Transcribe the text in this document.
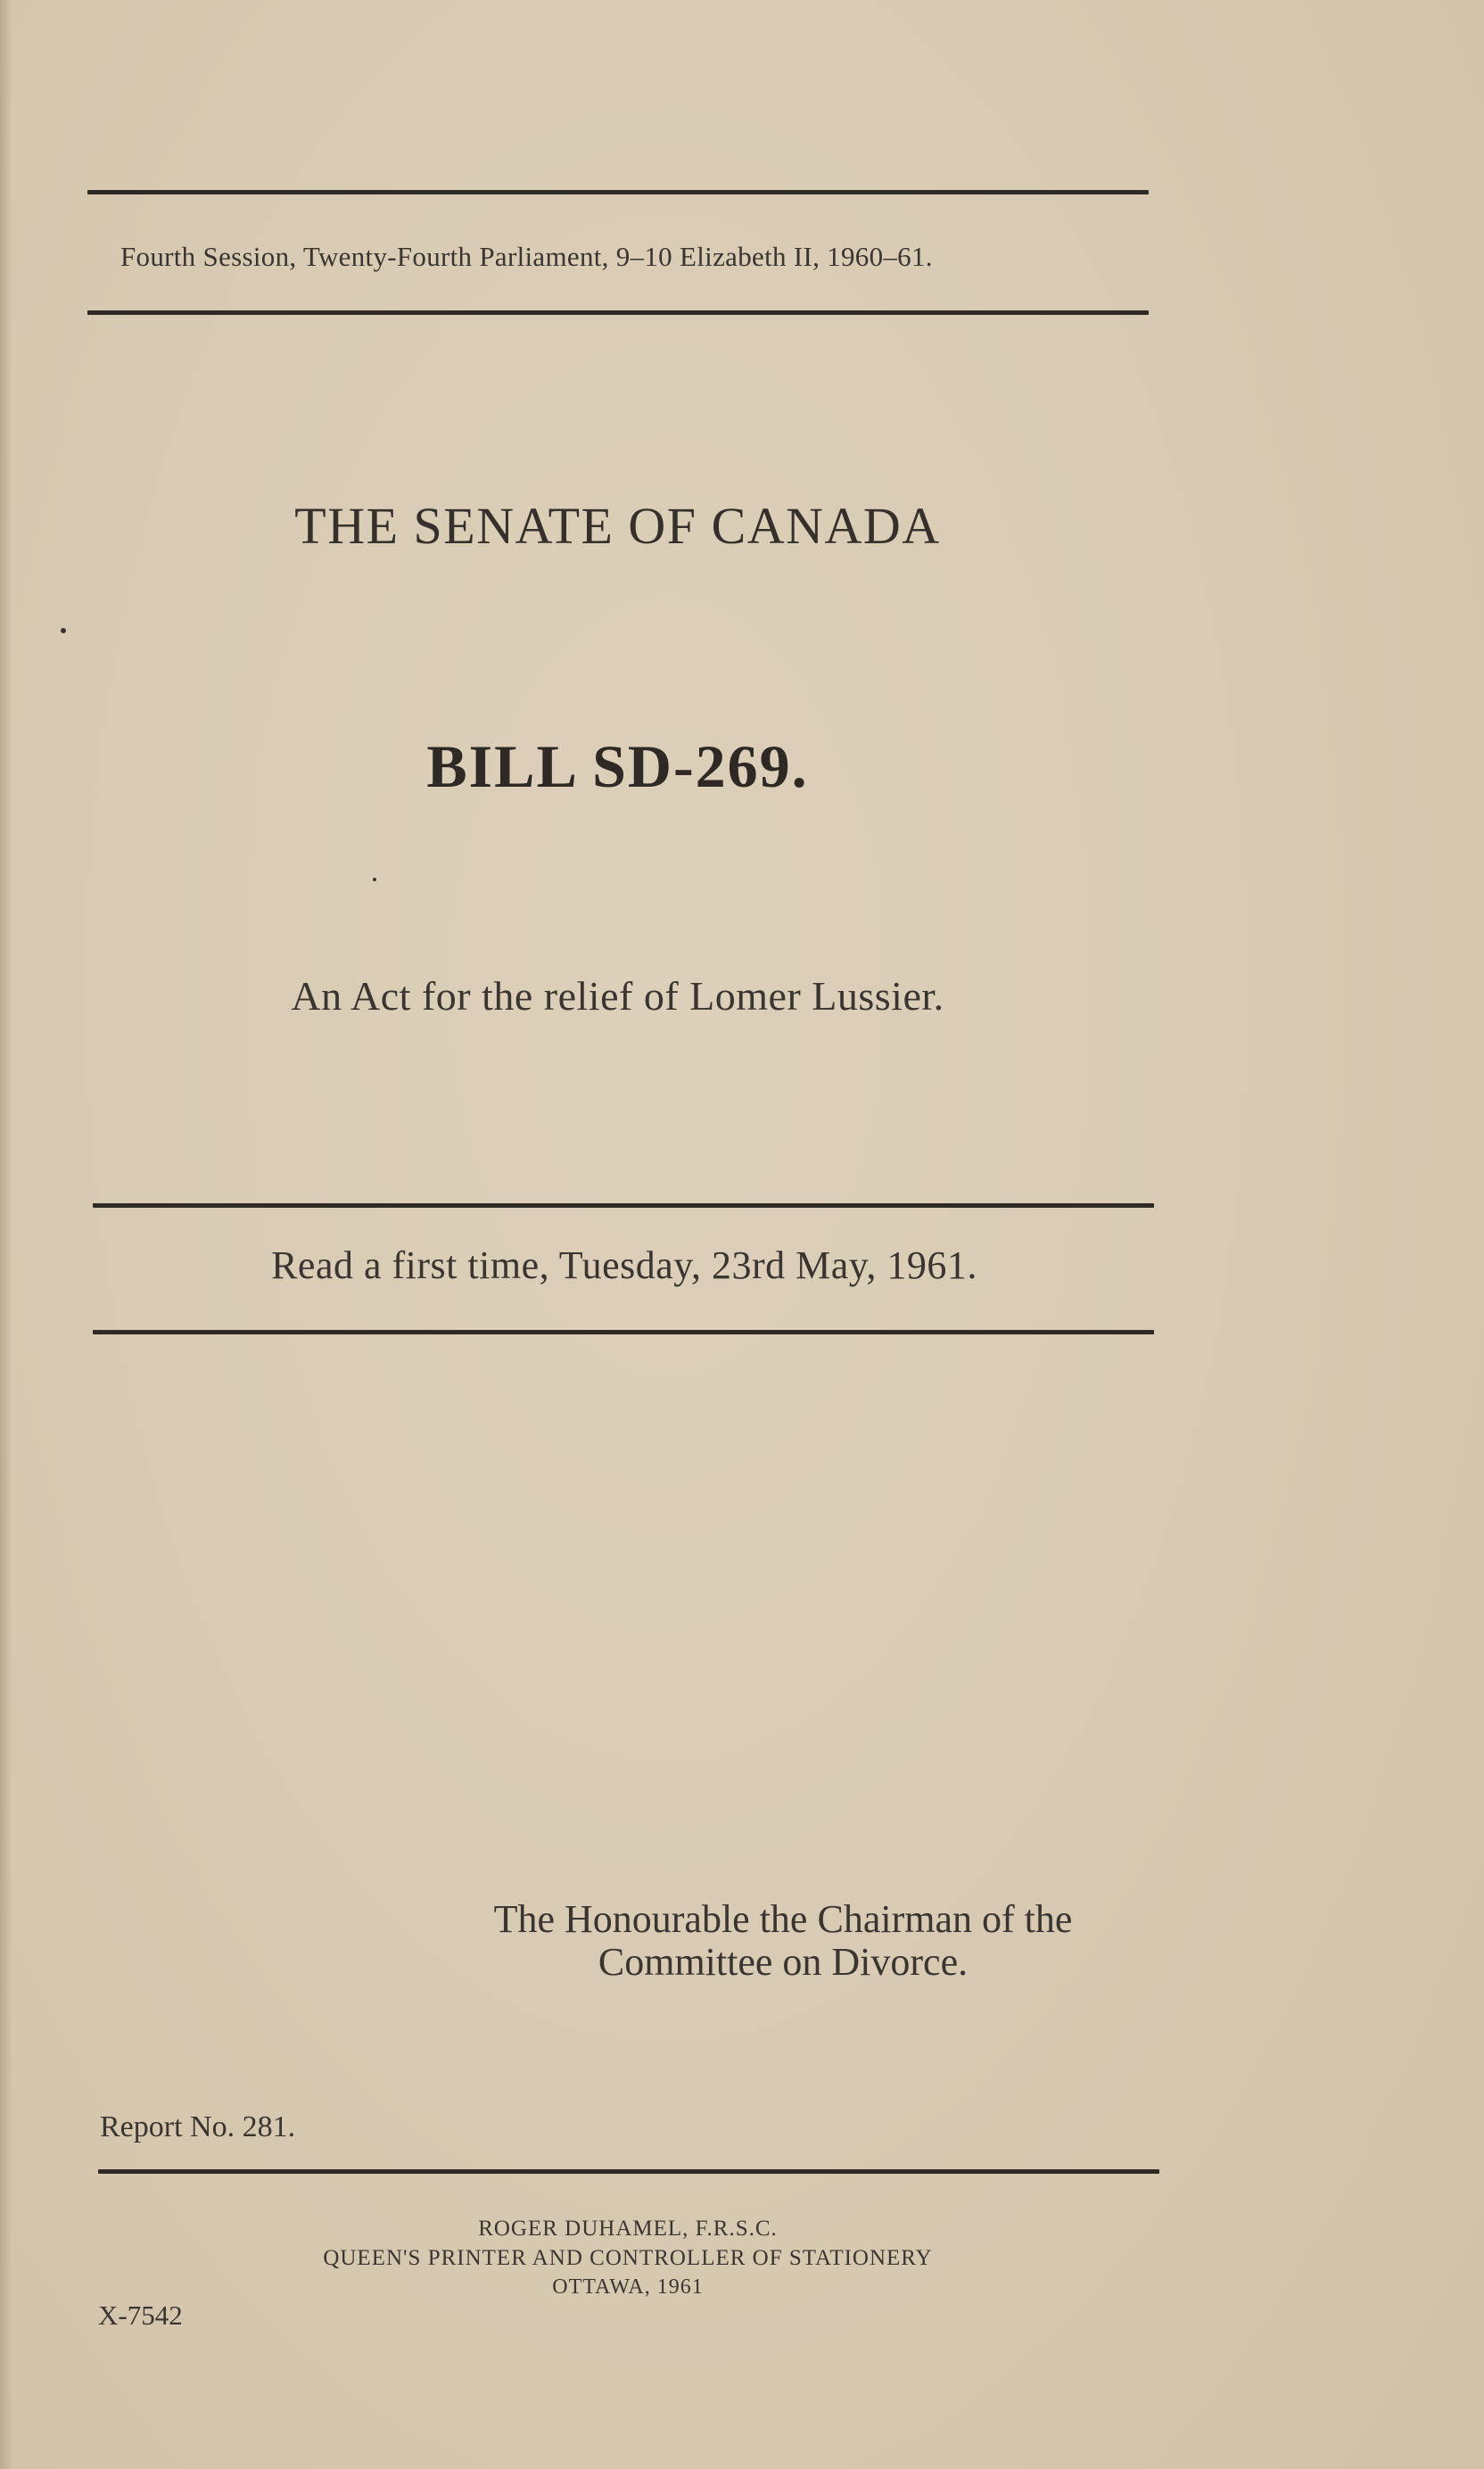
Fourth Session, Twenty-Fourth Parliament, 9–10 Elizabeth II, 1960–61.
THE SENATE OF CANADA
BILL SD-269.
An Act for the relief of Lomer Lussier.
Read a first time, Tuesday, 23rd May, 1961.
The Honourable the Chairman of the
Committee on Divorce.
Report No. 281.
ROGER DUHAMEL, F.R.S.C.
QUEEN'S PRINTER AND CONTROLLER OF STATIONERY
OTTAWA, 1961
X-7542
